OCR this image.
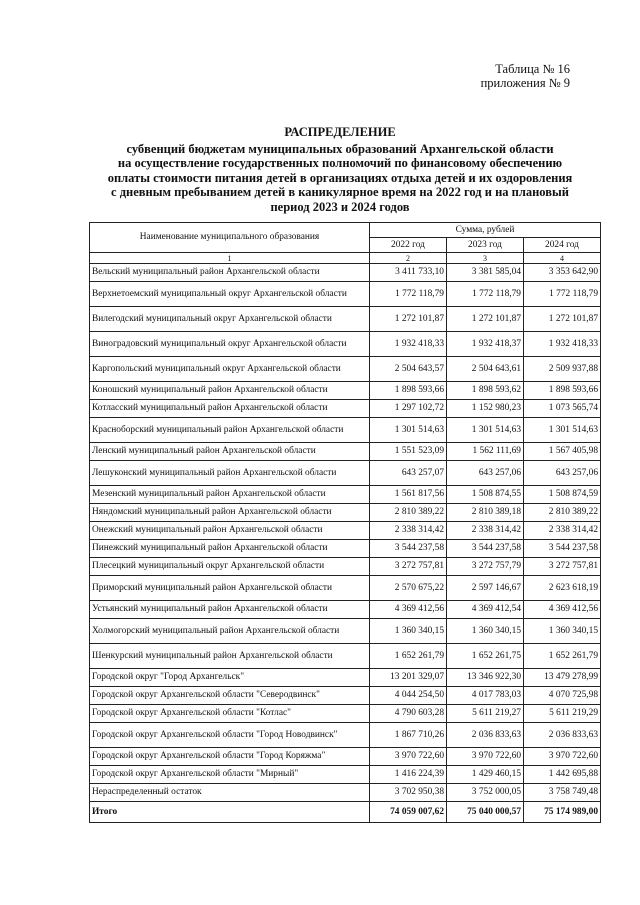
Таблица № 16
приложения № 9
РАСПРЕДЕЛЕНИЕ
субвенций бюджетам муниципальных образований Архангельской области
на осуществление государственных полномочий по финансовому обеспечению
оплаты стоимости питания детей в организациях отдыха детей и их оздоровления
с дневным пребыванием детей в каникулярное время на 2022 год и на плановый
период 2023 и 2024 годов
Наименование муниципального образования	Сумма, рублей		
	2022 год	2023 год	2024 год
1	2	3	4
Вельский муниципальный район Архангельской области	3 411 733,10	3 381 585,04	3 353 642,90
Верхнетоемский муниципальный округ Архангельской области	1 772 118,79	1 772 118,79	1 772 118,79
Вилегодский муниципальный округ Архангельской области	1 272 101,87	1 272 101,87	1 272 101,87
Виноградовский муниципальный округ Архангельской области	1 932 418,33	1 932 418,37	1 932 418,33
Каргопольский муниципальный округ Архангельской области	2 504 643,57	2 504 643,61	2 509 937,88
Коношский муниципальный район Архангельской области	1 898 593,66	1 898 593,62	1 898 593,66
Котласский муниципальный район Архангельской области	1 297 102,72	1 152 980,23	1 073 565,74
Красноборский муниципальный район Архангельской области	1 301 514,63	1 301 514,63	1 301 514,63
Ленский муниципальный район Архангельской области	1 551 523,09	1 562 111,69	1 567 405,98
Лешуконский муниципальный район Архангельской области	643 257,07	643 257,06	643 257,06
Мезенский муниципальный район Архангельской области	1 561 817,56	1 508 874,55	1 508 874,59
Няндомский муниципальный район Архангельской области	2 810 389,22	2 810 389,18	2 810 389,22
Онежский муниципальный район Архангельской области	2 338 314,42	2 338 314,42	2 338 314,42
Пинежский муниципальный район Архангельской области	3 544 237,58	3 544 237,58	3 544 237,58
Плесецкий муниципальный округ Архангельской области	3 272 757,81	3 272 757,79	3 272 757,81
Приморский муниципальный район Архангельской области	2 570 675,22	2 597 146,67	2 623 618,19
Устьянский муниципальный район Архангельской области	4 369 412,56	4 369 412,54	4 369 412,56
Холмогорский муниципальный район Архангельской области	1 360 340,15	1 360 340,15	1 360 340,15
Шенкурский муниципальный район Архангельской области	1 652 261,79	1 652 261,75	1 652 261,79
Городской округ "Город Архангельск"	13 201 329,07	13 346 922,30	13 479 278,99
Городской округ Архангельской области "Северодвинск"	4 044 254,50	4 017 783,03	4 070 725,98
Городской округ Архангельской области "Котлас"	4 790 603,28	5 611 219,27	5 611 219,29
Городской округ Архангельской области "Город Новодвинск"	1 867 710,26	2 036 833,63	2 036 833,63
Городской округ Архангельской области "Город Коряжма"	3 970 722,60	3 970 722,60	3 970 722,60
Городской округ Архангельской области "Мирный"	1 416 224,39	1 429 460,15	1 442 695,88
Нераспределенный остаток	3 702 950,38	3 752 000,05	3 758 749,48
Итого	74 059 007,62	75 040 000,57	75 174 989,00
